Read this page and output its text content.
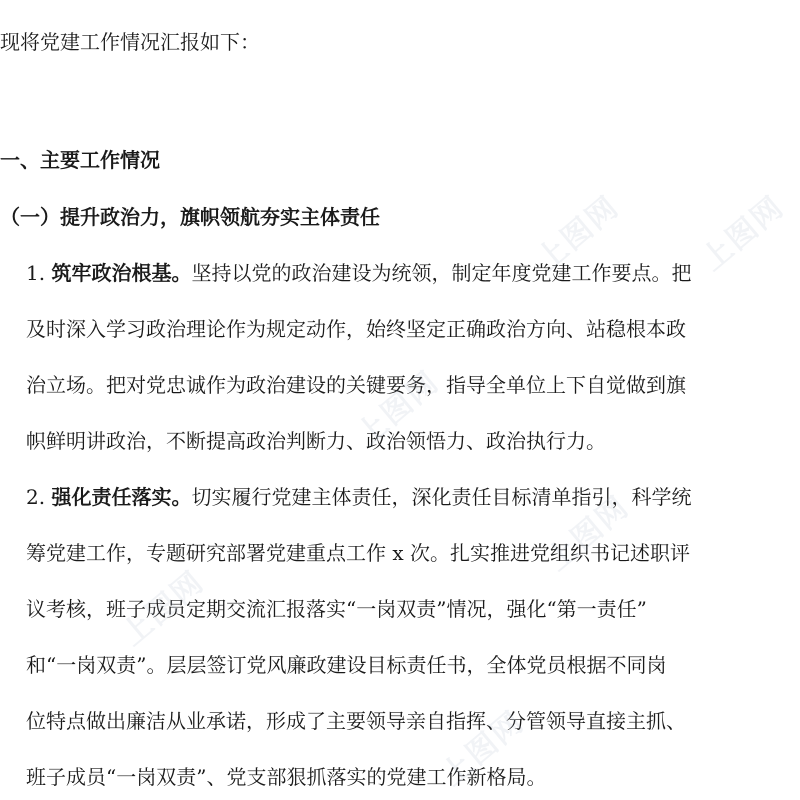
现将党建工作情况汇报如下：
一、主要工作情况
（一）提升政治力，旗帜领航夯实主体责任
1. 筑牢政治根基。坚持以党的政治建设为统领，制定年度党建工作要点。把
及时深入学习政治理论作为规定动作，始终坚定正确政治方向、站稳根本政
治立场。把对党忠诚作为政治建设的关键要务，指导全单位上下自觉做到旗
帜鲜明讲政治，不断提高政治判断力、政治领悟力、政治执行力。
2. 强化责任落实。切实履行党建主体责任，深化责任目标清单指引，科学统
筹党建工作，专题研究部署党建重点工作 x 次。扎实推进党组织书记述职评
议考核，班子成员定期交流汇报落实“一岗双责”情况，强化“第一责任”
和“一岗双责”。层层签订党风廉政建设目标责任书，全体党员根据不同岗
位特点做出廉洁从业承诺，形成了主要领导亲自指挥、分管领导直接主抓、
班子成员“一岗双责”、党支部狠抓落实的党建工作新格局。
上图网 上图网
上图网
上图网
上图网
上图网
